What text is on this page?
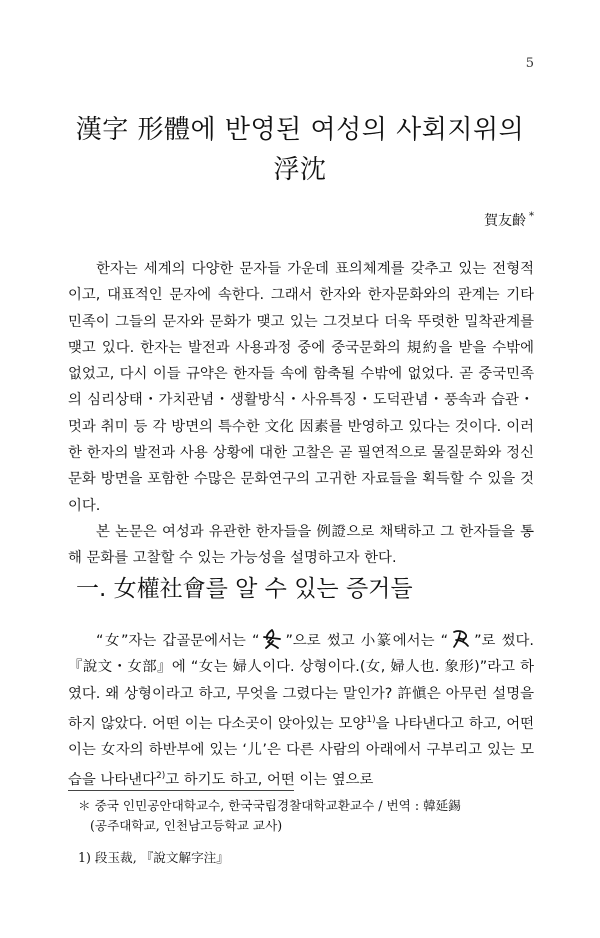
5
漢字 形體에 반영된 여성의 사회지위의
浮沈
賀友齡 *

한자는 세계의 다양한 문자들 가운데 표의체계를 갖추고 있는 전형적이고, 대표적인 문자에 속한다. 그래서 한자와 한자문화와의 관계는 기타 민족이 그들의 문자와 문화가 맺고 있는 그것보다 더욱 뚜렷한 밀착관계를 맺고 있다. 한자는 발전과 사용과정 중에 중국문화의 規約을 받을 수밖에 없었고, 다시 이들 규약은 한자들 속에 함축될 수밖에 없었다. 곧 중국민족의 심리상태・가치관념・생활방식・사유특징・도덕관념・풍속과 습관・멋과 취미 등 각 방면의 특수한 文化 因素를 반영하고 있다는 것이다. 이러한 한자의 발전과 사용 상황에 대한 고찰은 곧 필연적으로 물질문화와 정신문화 방면을 포함한 수많은 문화연구의 고귀한 자료들을 획득할 수 있을 것이다.

본 논문은 여성과 유관한 한자들을 例證으로 채택하고 그 한자들을 통해 문화를 고찰할 수 있는 가능성을 설명하고자 한다.

一. 女權社會를 알 수 있는 증거들

“女”자는 갑골문에서는 “ ”으로 썼고 小篆에서는 “ ”로 썼다. 『說文・女部』에 “女는 婦人이다. 상형이다.(女, 婦人也. 象形)”라고 하였다. 왜 상형이라고 하고, 무엇을 그렸다는 말인가? 許愼은 아무런 설명을 하지 않았다. 어떤 이는 다소곳이 앉아있는 모양$^{1)}$을 나타낸다고 하고, 어떤 이는 女자의 하반부에 있는 ‘儿’은 다른 사람의 아래에서 구부리고 있는 모습을 나타낸다$^{2)}$고 하기도 하고, 어떤 이는 옆으로

＊ 중국 인민공안대학교수, 한국국립경찰대학교환교수 / 번역 : 韓延錫

(공주대학교, 인천남고등학교 교사)

1) 段玉裁, 『說文解字注』
